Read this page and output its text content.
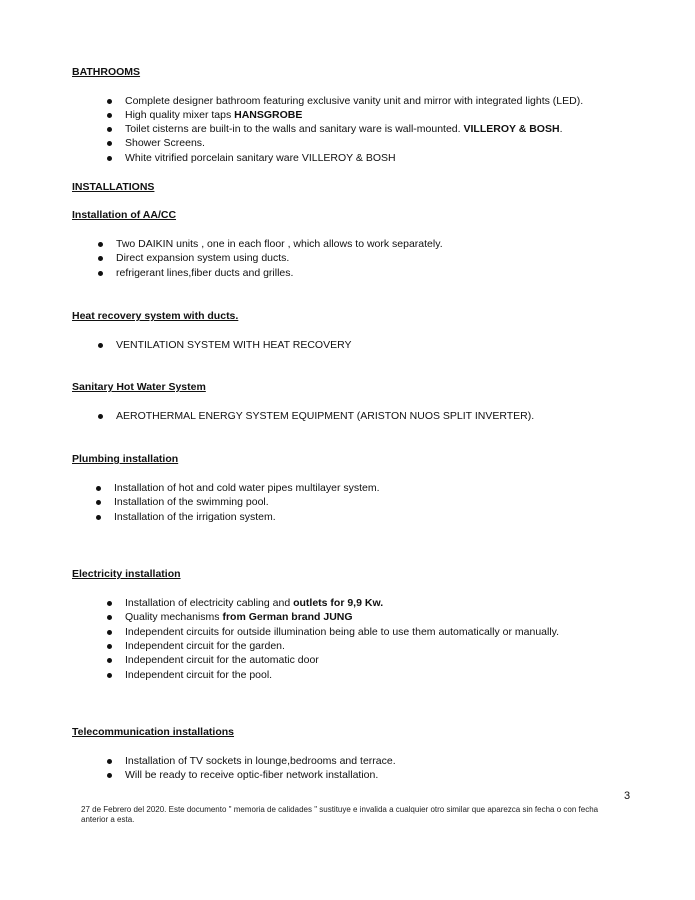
BATHROOMS
Complete designer bathroom featuring exclusive vanity unit and mirror with integrated lights (LED).
High quality mixer taps HANSGROBE
Toilet cisterns are built-in to the walls and sanitary ware is wall-mounted. VILLEROY & BOSH.
Shower Screens.
White vitrified porcelain sanitary ware VILLEROY & BOSH
INSTALLATIONS
Installation of AA/CC
Two DAIKIN units , one in each floor , which allows to work separately.
Direct expansion system using ducts.
refrigerant lines,fiber ducts and grilles.
Heat recovery system with ducts.
VENTILATION SYSTEM WITH HEAT RECOVERY
Sanitary Hot Water System
AEROTHERMAL ENERGY SYSTEM EQUIPMENT (ARISTON NUOS SPLIT INVERTER).
Plumbing installation
Installation of hot and cold water pipes multilayer system.
Installation of the swimming pool.
Installation of the irrigation system.
Electricity installation
Installation of electricity cabling and outlets for 9,9 Kw.
Quality mechanisms from German brand JUNG
Independent circuits for outside illumination being able to use them automatically or manually.
Independent circuit for the garden.
Independent circuit for the automatic door
Independent circuit for the pool.
Telecommunication installations
Installation of TV sockets in lounge,bedrooms and terrace.
Will be ready to receive optic-fiber network installation.
3
27 de Febrero del 2020. Este documento " memoria de calidades " sustituye e invalida a cualquier otro similar que aparezca sin fecha o con fecha anterior a esta.
